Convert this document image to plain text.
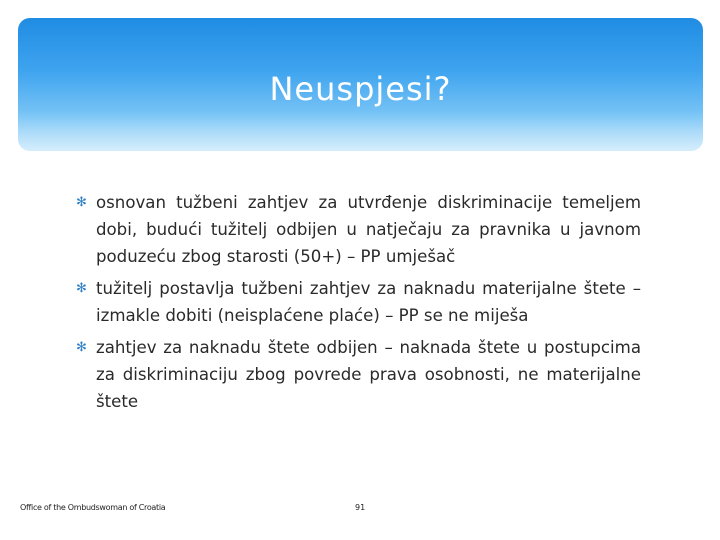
Neuspjesi?
✻ osnovan tužbeni zahtjev za utvrđenje diskriminacije temeljem dobi, budući tužitelj odbijen u natječaju za pravnika u javnom poduzeću zbog starosti (50+) – PP umješač
✻ tužitelj postavlja tužbeni zahtjev za naknadu materijalne štete – izmakle dobiti (neisplaćene plaće) – PP se ne miješa
✻ zahtjev za naknadu štete odbijen – naknada štete u postupcima za diskriminaciju zbog povrede prava osobnosti, ne materijalne štete
Office of the Ombudswoman of Croatia	91
